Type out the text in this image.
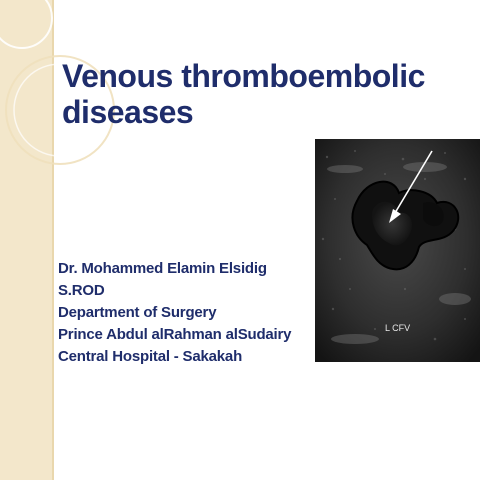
Venous thromboembolic
diseases
Dr. Mohammed Elamin Elsidig
S.ROD
Department of Surgery
Prince Abdul alRahman alSudairy
Central Hospital - Sakakah
L CFV
